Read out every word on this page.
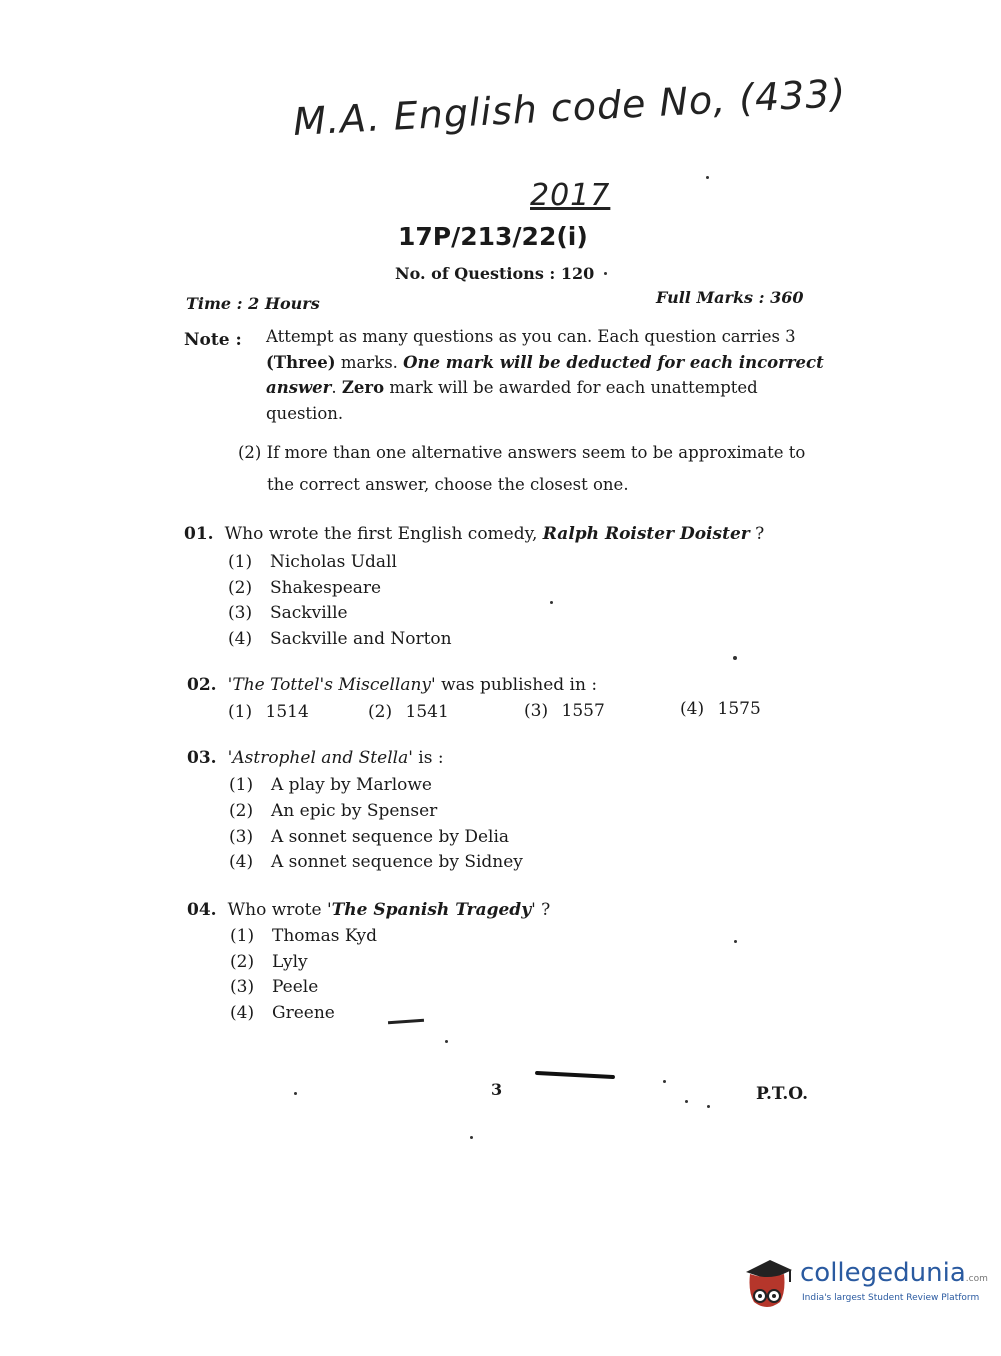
M.A. English code No, (433)
2017
17P/213/22(i)
No. of Questions : 120
Time : 2 Hours	Full Marks : 360
Note : Attempt as many questions as you can. Each question carries 3
(Three) marks. One mark will be deducted for each incorrect
answer. Zero mark will be awarded for each unattempted
question.
(2) If more than one alternative answers seem to be approximate to
the correct answer, choose the closest one.
01. Who wrote the first English comedy, Ralph Roister Doister ?
(1) Nicholas Udall
(2) Shakespeare
(3) Sackville
(4) Sackville and Norton
02. 'The Tottel's Miscellany' was published in :
(1) 1514	(2) 1541	(3) 1557	(4) 1575
03. 'Astrophel and Stella' is :
(1) A play by Marlowe
(2) An epic by Spenser
(3) A sonnet sequence by Delia
(4) A sonnet sequence by Sidney
04. Who wrote 'The Spanish Tragedy' ?
(1) Thomas Kyd
(2) Lyly
(3) Peele
(4) Greene
3	P.T.O.
collegedunia.com
India's largest Student Review Platform
